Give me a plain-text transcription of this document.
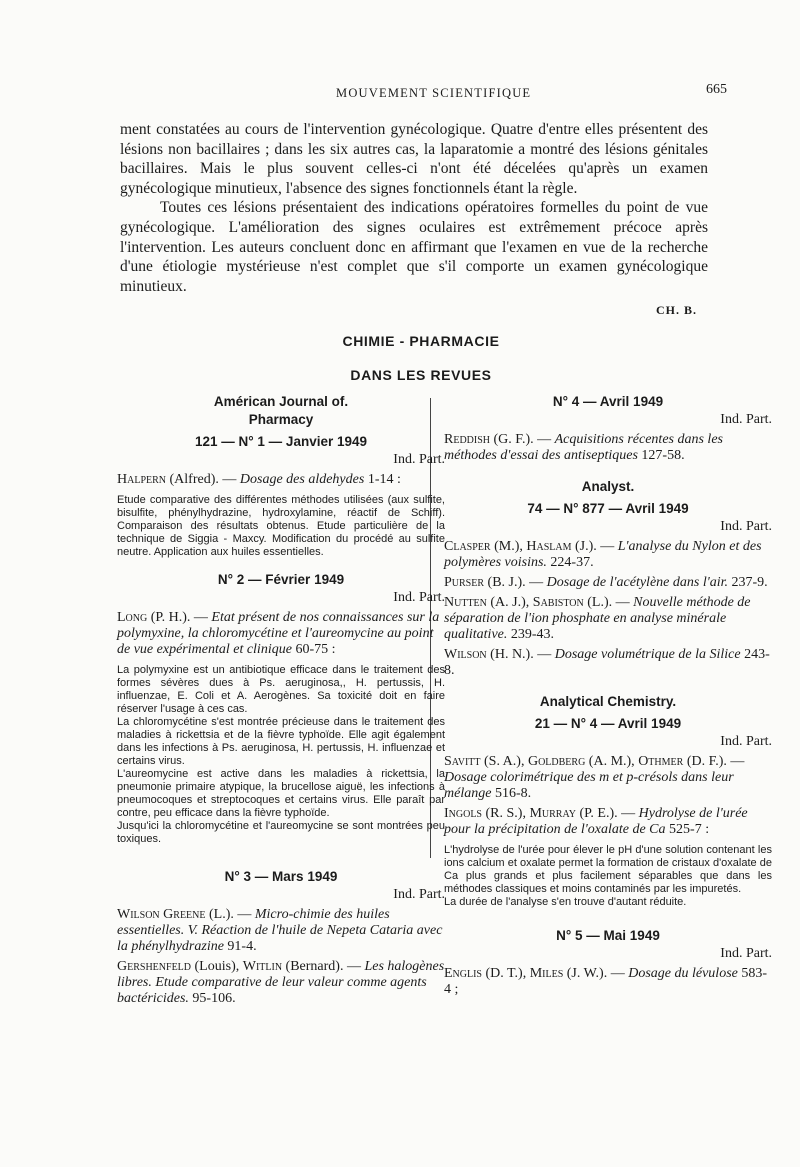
MOUVEMENT SCIENTIFIQUE	665

ment constatées au cours de l'intervention gynécologique. Quatre d'entre elles présentent des lésions non bacillaires ; dans les six autres cas, la laparatomie a montré des lésions génitales bacillaires. Mais le plus souvent celles-ci n'ont été décelées qu'après un examen gynécologique minutieux, l'absence des signes fonctionnels étant la règle.

Toutes ces lésions présentaient des indications opératoires formelles du point de vue gynécologique. L'amélioration des signes oculaires est extrêmement précoce après l'intervention. Les auteurs concluent donc en affirmant que l'examen en vue de la recherche d'une étiologie mystérieuse n'est complet que s'il comporte un examen gynécologique minutieux.

CH. B.
CHIMIE - PHARMACIE
DANS LES REVUES
Américan Journal of.
Pharmacy
121 — N° 1 — Janvier 1949
Ind. Part.
Halpern (Alfred). — Dosage des aldehydes 1-14 :

Etude comparative des différentes méthodes utilisées (aux sulfite, bisulfite, phénylhydrazine, hydroxylamine, réactif de Schiff). Comparaison des résultats obtenus. Etude particulière de la technique de Siggia - Maxcy. Modification du procédé au sulfite neutre. Application aux huiles essentielles.

N° 2 — Février 1949
Ind. Part.
Long (P. H.). — Etat présent de nos connaissances sur la polymyxine, la chloromycétine et l'aureomycine au point de vue expérimental et clinique 60-75 :

La polymyxine est un antibiotique efficace dans le traitement des formes sévères dues à Ps. aeruginosa,, H. pertussis, H. influenzae, E. Coli et A. Aerogènes. Sa toxicité doit en faire réserver l'usage à ces cas.

La chloromycétine s'est montrée précieuse dans le traitement des maladies à rickettsia et de la fièvre typhoïde. Elle agit également dans les infections à Ps. aeruginosa, H. pertussis, H. influenzae et certains virus.

L'aureomycine est active dans les maladies à rickettsia, la pneumonie primaire atypique, la brucellose aiguë, les infections à pneumocoques et streptocoques et certains virus. Elle paraît par contre, peu efficace dans la fièvre typhoïde.

Jusqu'ici la chloromycétine et l'aureomycine se sont montrées peu toxiques.

N° 3 — Mars 1949
Ind. Part.
Wilson Greene (L.). — Micro-chimie des huiles essentielles. V. Réaction de l'huile de Nepeta Cataria avec la phénylhydrazine 91-4.
Gershenfeld (Louis), Witlin (Bernard). — Les halogènes libres. Etude comparative de leur valeur comme agents bactéricides. 95-106.
N° 4 — Avril 1949
Ind. Part.
Reddish (G. F.). — Acquisitions récentes dans les méthodes d'essai des antiseptiques 127-58.
Analyst.
74 — N° 877 — Avril 1949
Ind. Part.
Clasper (M.), Haslam (J.). — L'analyse du Nylon et des polymères voisins. 224-37.
Purser (B. J.). — Dosage de l'acétylène dans l'air. 237-9.
Nutten (A. J.), Sabiston (L.). — Nouvelle méthode de séparation de l'ion phosphate en analyse minérale qualitative. 239-43.
Wilson (H. N.). — Dosage volumétrique de la Silice 243-8.
Analytical Chemistry.
21 — N° 4 — Avril 1949
Ind. Part.
Savitt (S. A.), Goldberg (A. M.), Othmer (D. F.). — Dosage colorimétrique des m et p-crésols dans leur mélange 516-8.
Ingols (R. S.), Murray (P. E.). — Hydrolyse de l'urée pour la précipitation de l'oxalate de Ca 525-7 :

L'hydrolyse de l'urée pour élever le pH d'une solution contenant les ions calcium et oxalate permet la formation de cristaux d'oxalate de Ca plus grands et plus facilement séparables que dans les méthodes classiques et moins contaminés par les impuretés.

La durée de l'analyse s'en trouve d'autant réduite.

N° 5 — Mai 1949
Ind. Part.
Englis (D. T.), Miles (J. W.). — Dosage du lévulose 583-4 ;
